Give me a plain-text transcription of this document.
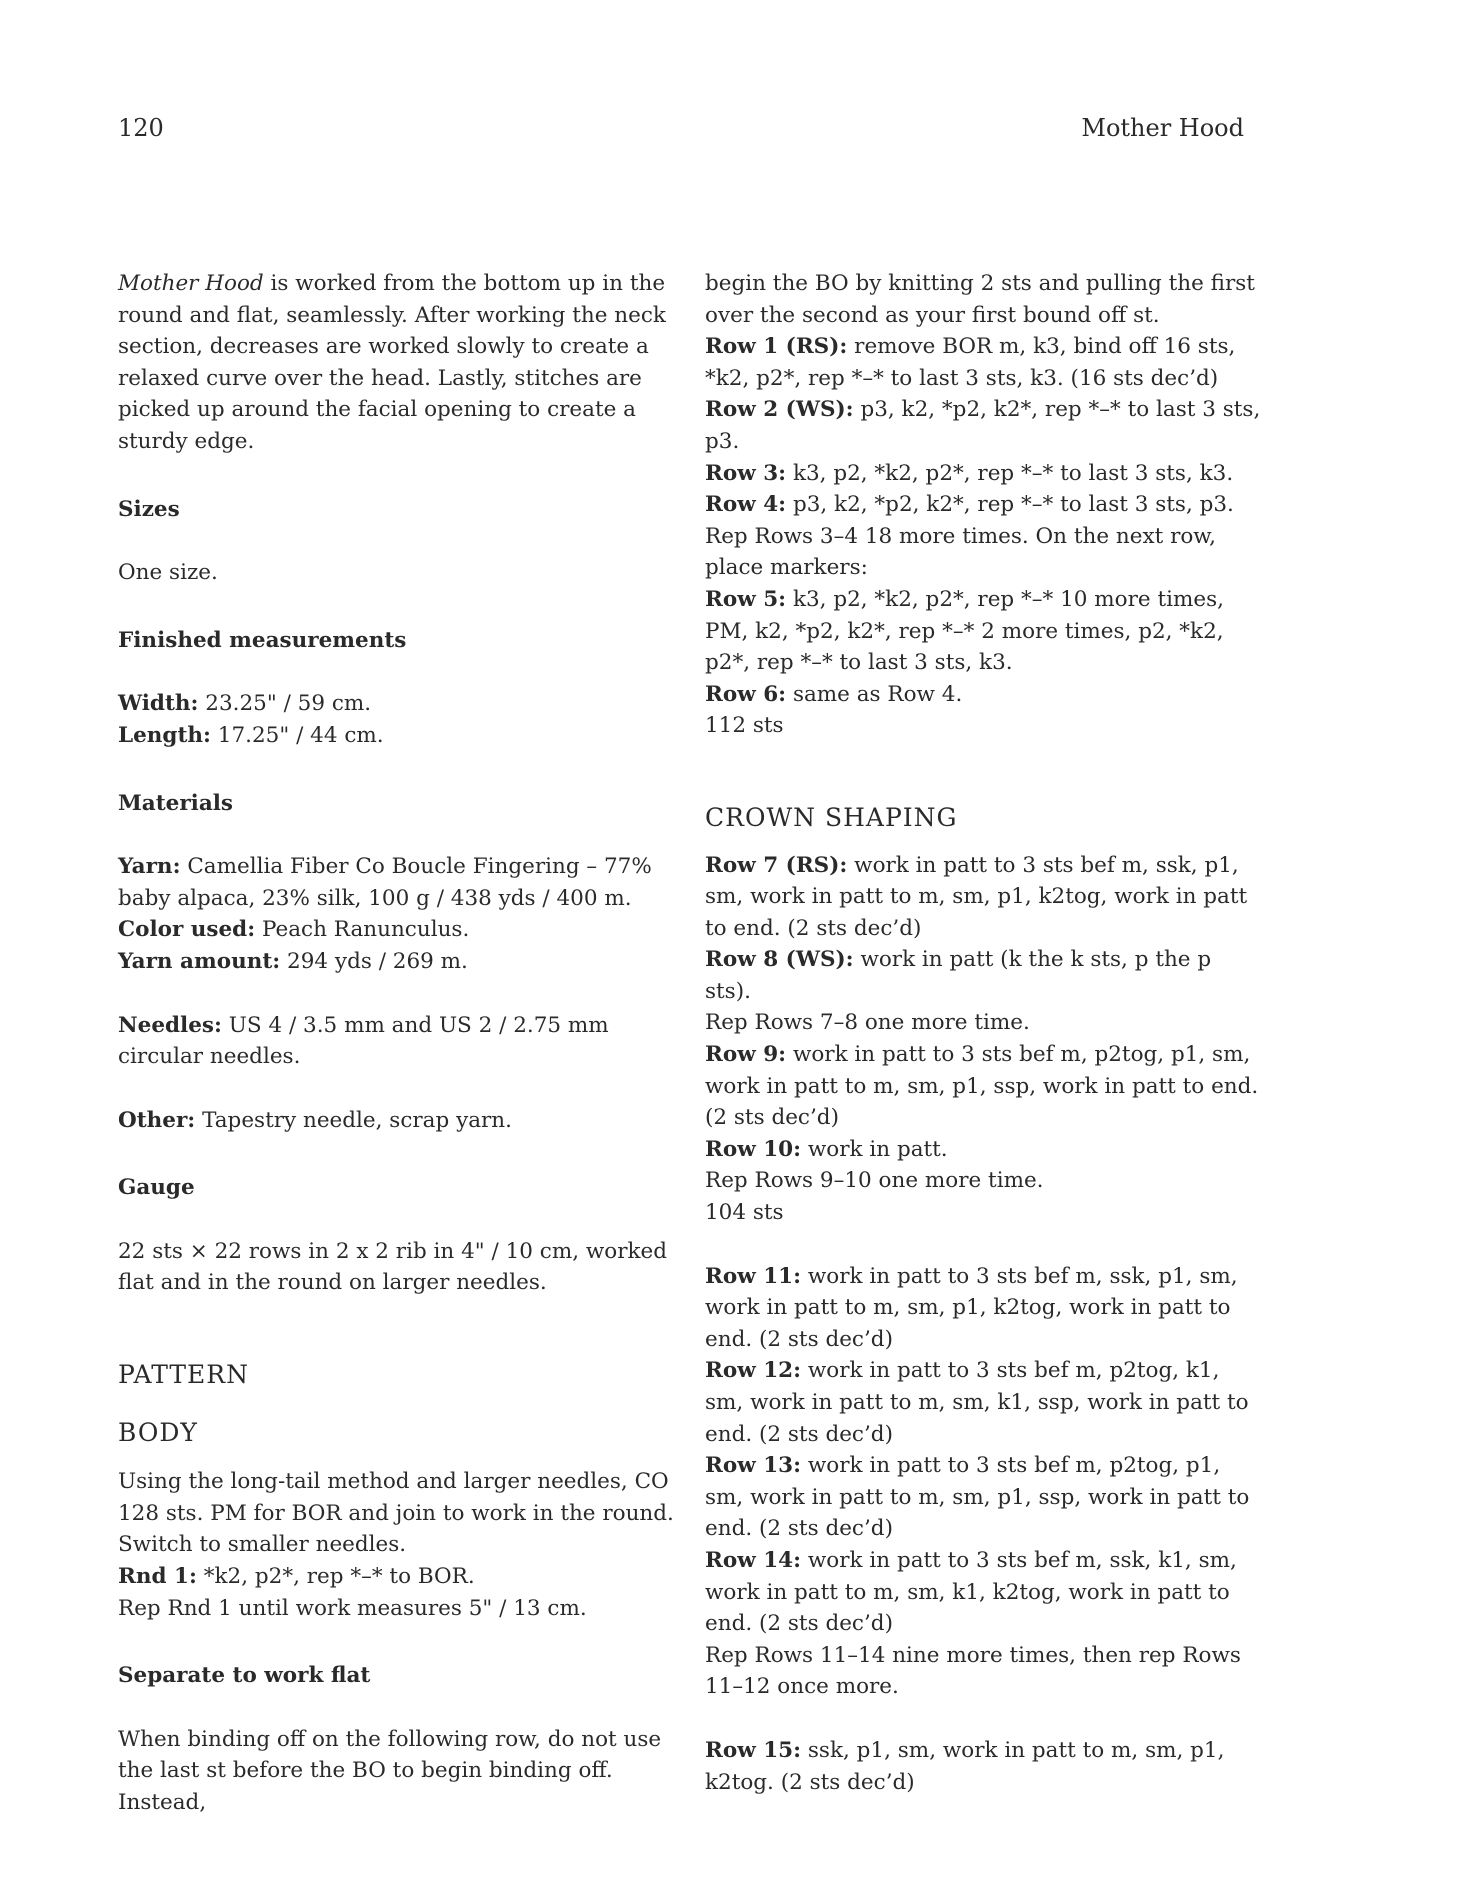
120	Mother Hood

Mother Hood is worked from the bottom up in the round and flat, seamlessly. After working the neck section, decreases are worked slowly to create a relaxed curve over the head. Lastly, stitches are picked up around the facial opening to create a sturdy edge.

Sizes

One size.

Finished measurements

Width: 23.25" / 59 cm.

Length: 17.25" / 44 cm.

Materials

Yarn: Camellia Fiber Co Boucle Fingering – 77% baby alpaca, 23% silk, 100 g / 438 yds / 400 m.

Color used: Peach Ranunculus.

Yarn amount: 294 yds / 269 m.

Needles: US 4 / 3.5 mm and US 2 / 2.75 mm circular needles.

Other: Tapestry needle, scrap yarn.

Gauge

22 sts × 22 rows in 2 x 2 rib in 4" / 10 cm, worked flat and in the round on larger needles.

PATTERN

BODY

Using the long-tail method and larger needles, CO 128 sts. PM for BOR and join to work in the round. Switch to smaller needles.

Rnd 1: *k2, p2*, rep *–* to BOR.

Rep Rnd 1 until work measures 5" / 13 cm.

Separate to work flat

When binding off on the following row, do not use the last st before the BO to begin binding off. Instead,

begin the BO by knitting 2 sts and pulling the first over the second as your first bound off st.

Row 1 (RS): remove BOR m, k3, bind off 16 sts, *k2, p2*, rep *–* to last 3 sts, k3. (16 sts dec’d)

Row 2 (WS): p3, k2, *p2, k2*, rep *–* to last 3 sts, p3.

Row 3: k3, p2, *k2, p2*, rep *–* to last 3 sts, k3.

Row 4: p3, k2, *p2, k2*, rep *–* to last 3 sts, p3.

Rep Rows 3–4 18 more times. On the next row, place markers:

Row 5: k3, p2, *k2, p2*, rep *–* 10 more times, PM, k2, *p2, k2*, rep *–* 2 more times, p2, *k2, p2*, rep *–* to last 3 sts, k3.

Row 6: same as Row 4.

112 sts

CROWN SHAPING

Row 7 (RS): work in patt to 3 sts bef m, ssk, p1, sm, work in patt to m, sm, p1, k2tog, work in patt to end. (2 sts dec’d)

Row 8 (WS): work in patt (k the k sts, p the p sts).

Rep Rows 7–8 one more time.

Row 9: work in patt to 3 sts bef m, p2tog, p1, sm, work in patt to m, sm, p1, ssp, work in patt to end. (2 sts dec’d)

Row 10: work in patt.

Rep Rows 9–10 one more time.

104 sts

Row 11: work in patt to 3 sts bef m, ssk, p1, sm, work in patt to m, sm, p1, k2tog, work in patt to end. (2 sts dec’d)

Row 12: work in patt to 3 sts bef m, p2tog, k1, sm, work in patt to m, sm, k1, ssp, work in patt to end. (2 sts dec’d)

Row 13: work in patt to 3 sts bef m, p2tog, p1, sm, work in patt to m, sm, p1, ssp, work in patt to end. (2 sts dec’d)

Row 14: work in patt to 3 sts bef m, ssk, k1, sm, work in patt to m, sm, k1, k2tog, work in patt to end. (2 sts dec’d)

Rep Rows 11–14 nine more times, then rep Rows 11–12 once more.

Row 15: ssk, p1, sm, work in patt to m, sm, p1, k2tog. (2 sts dec’d)
